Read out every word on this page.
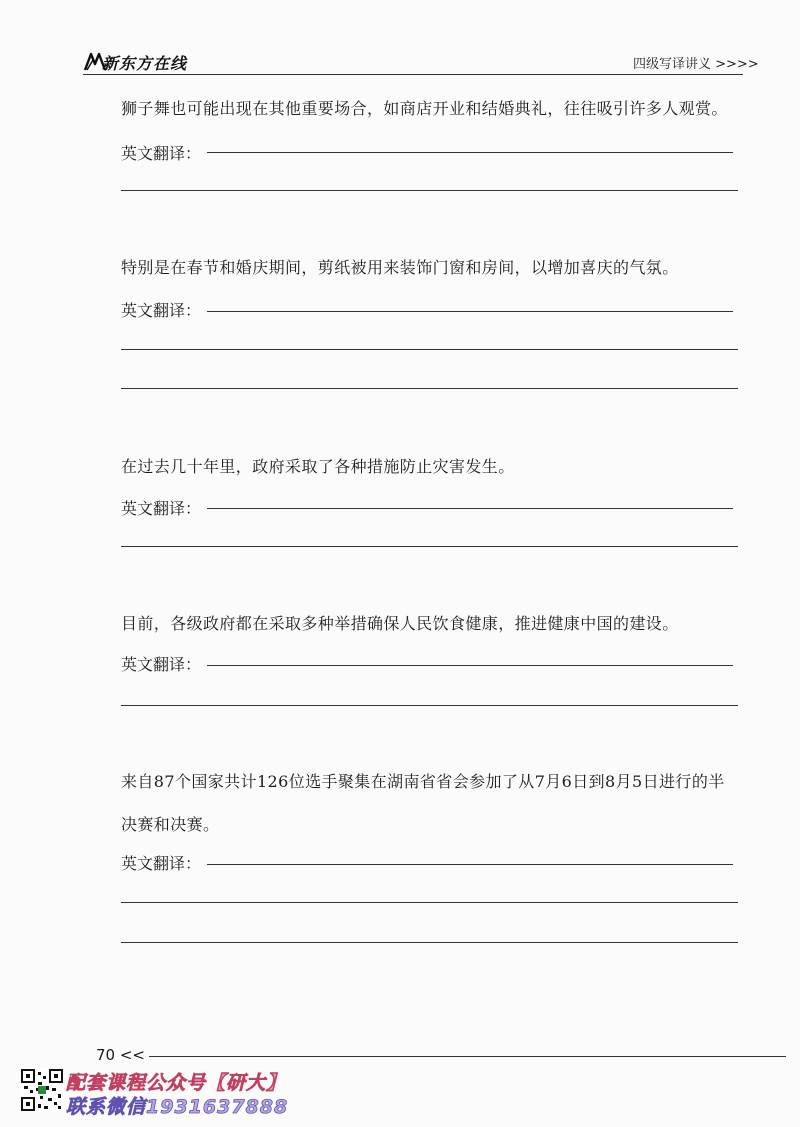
新东方在线	四级写译讲义 >>>>
狮子舞也可能出现在其他重要场合，如商店开业和结婚典礼，往往吸引许多人观赏。
英文翻译：
特别是在春节和婚庆期间，剪纸被用来装饰门窗和房间，以增加喜庆的气氛。
英文翻译：
在过去几十年里，政府采取了各种措施防止灾害发生。
英文翻译：
目前，各级政府都在采取多种举措确保人民饮食健康，推进健康中国的建设。
英文翻译：
来自87个国家共计126位选手聚集在湖南省省会参加了从7月6日到8月5日进行的半
决赛和决赛。
英文翻译：
70 <<
配套课程公众号【研大】
联系微信1931637888
